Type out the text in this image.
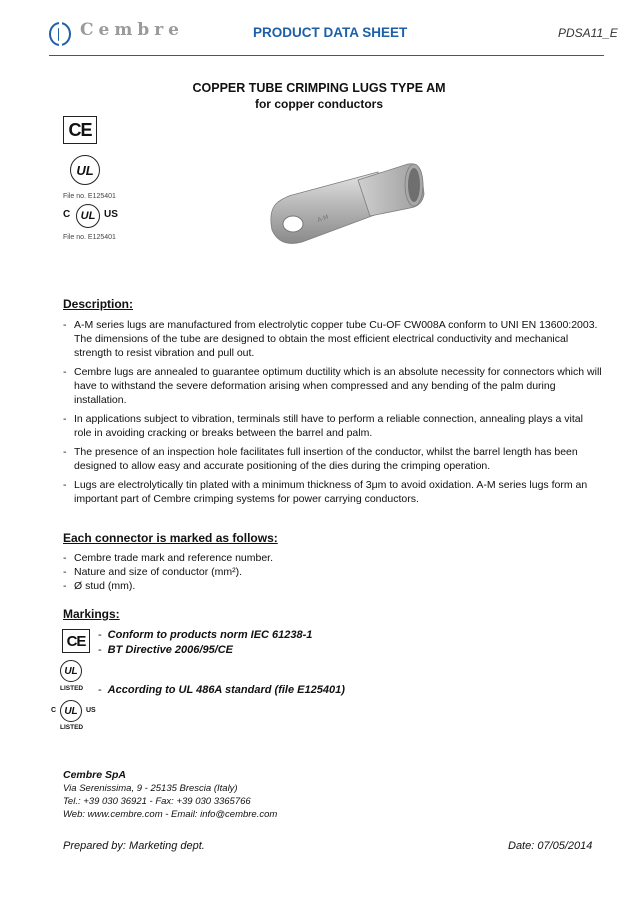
Cembre	PRODUCT DATA SHEET	PDSA11_E
COPPER TUBE CRIMPING LUGS TYPE AM
for copper conductors
CE
UL
File no. E125401
C UL US
File no. E125401
A-M
Description:
- A-M series lugs are manufactured from electrolytic copper tube Cu-OF CW008A conform to UNI EN 13600:2003. The dimensions of the tube are designed to obtain the most efficient electrical conductivity and mechanical strength to resist vibration and pull out.
- Cembre lugs are annealed to guarantee optimum ductility which is an absolute necessity for connectors which will have to withstand the severe deformation arising when compressed and any bending of the palm during installation.
- In applications subject to vibration, terminals still have to perform a reliable connection, annealing plays a vital role in avoiding cracking or breaks between the barrel and palm.
- The presence of an inspection hole facilitates full insertion of the conductor, whilst the barrel length has been designed to allow easy and accurate positioning of the dies during the crimping operation.
- Lugs are electrolytically tin plated with a minimum thickness of 3μm to avoid oxidation. A-M series lugs form an important part of Cembre crimping systems for power carrying conductors.
Each connector is marked as follows:
- Cembre trade mark and reference number.
- Nature and size of conductor (mm²).
- Ø stud (mm).
Markings:
CE	- Conform to products norm IEC 61238-1
- BT Directive 2006/95/CE
UL
LISTED - According to UL 486A standard (file E125401)
C UL	US
LISTED
Cembre SpA
Via Serenissima, 9 - 25135 Brescia (Italy)
Tel.: +39 030 36921 - Fax: +39 030 3365766
Web: www.cembre.com - Email: info@cembre.com
Prepared by: Marketing dept.	Date: 07/05/2014
